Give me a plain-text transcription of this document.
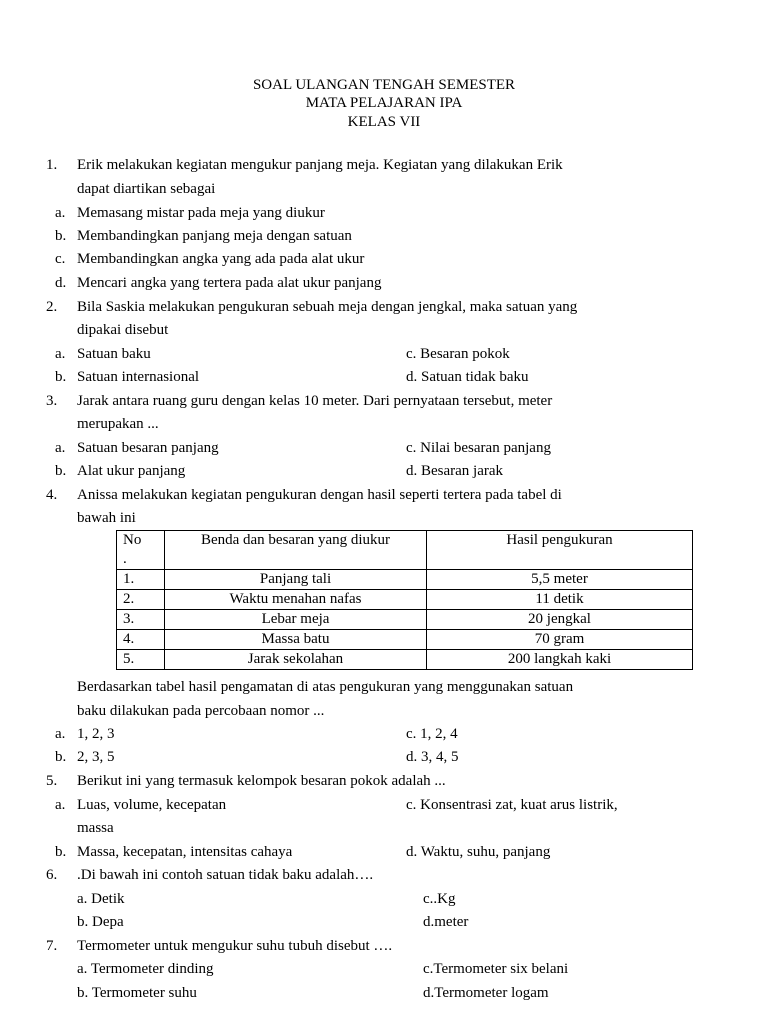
SOAL ULANGAN TENGAH SEMESTER
MATA PELAJARAN IPA
KELAS VII
1. Erik melakukan kegiatan mengukur panjang meja. Kegiatan yang dilakukan Erik
dapat diartikan sebagai
a. Memasang mistar pada meja yang diukur
b. Membandingkan panjang meja dengan satuan
c. Membandingkan angka yang ada pada alat ukur
d. Mencari angka yang tertera pada alat ukur panjang
2. Bila Saskia melakukan pengukuran sebuah meja dengan jengkal, maka satuan yang
dipakai disebut
a. Satuan baku	c. Besaran pokok
b. Satuan internasional	d. Satuan tidak baku
3. Jarak antara ruang guru dengan kelas 10 meter. Dari pernyataan tersebut, meter
merupakan ...
a. Satuan besaran panjang	c. Nilai besaran panjang
b. Alat ukur panjang	d. Besaran jarak
4. Anissa melakukan kegiatan pengukuran dengan hasil seperti tertera pada tabel di
bawah ini
No
.	Benda dan besaran yang diukur	Hasil pengukuran
1.	Panjang tali	5,5 meter
2.	Waktu menahan nafas	11 detik
3.	Lebar meja	20 jengkal
4.	Massa batu	70 gram
5.	Jarak sekolahan	200 langkah kaki
Berdasarkan tabel hasil pengamatan di atas pengukuran yang menggunakan satuan
baku dilakukan pada percobaan nomor ...
a. 1, 2, 3	c. 1, 2, 4
b. 2, 3, 5	d. 3, 4, 5
5. Berikut ini yang termasuk kelompok besaran pokok adalah ...
a. Luas, volume, kecepatan	c. Konsentrasi zat, kuat arus listrik,
massa
b. Massa, kecepatan, intensitas cahaya	d. Waktu, suhu, panjang
6. .Di bawah ini contoh satuan tidak baku adalah….
a. Detik	c..Kg
b. Depa	d.meter
7. Termometer untuk mengukur suhu tubuh disebut ….
a. Termometer dinding	c.Termometer six belani
b. Termometer suhu	d.Termometer logam
